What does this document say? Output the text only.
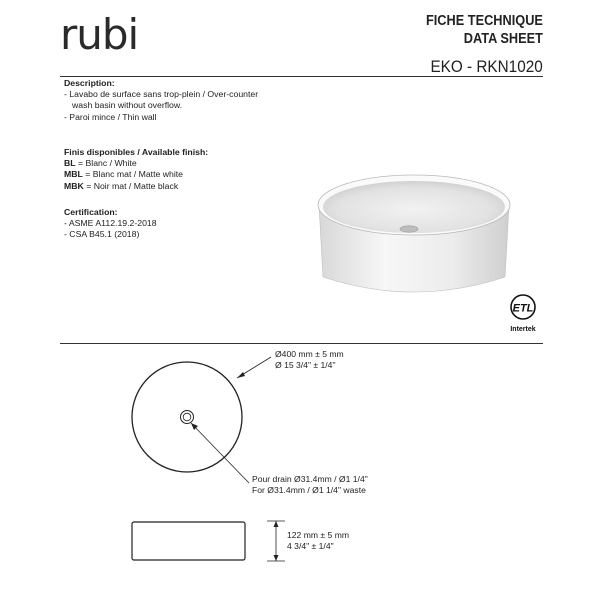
rubi	FICHE TECHNIQUE
DATA SHEET
EKO - RKN1020
Description:
- Lavabo de surface sans trop-plein / Over-counter
wash basin without overflow.
- Paroi mince / Thin wall
Finis disponibles / Available finish:
BL = Blanc / White
MBL = Blanc mat / Matte white
MBK = Noir mat / Matte black
Certification:
- ASME A112.19.2-2018
- CSA B45.1 (2018)
ETL
Intertek
Ø400 mm ± 5 mm
Ø 15 3/4" ± 1/4"
Pour drain Ø31.4mm / Ø1 1/4"
For Ø31.4mm / Ø1 1/4" waste
122 mm ± 5 mm
4 3/4" ± 1/4"
